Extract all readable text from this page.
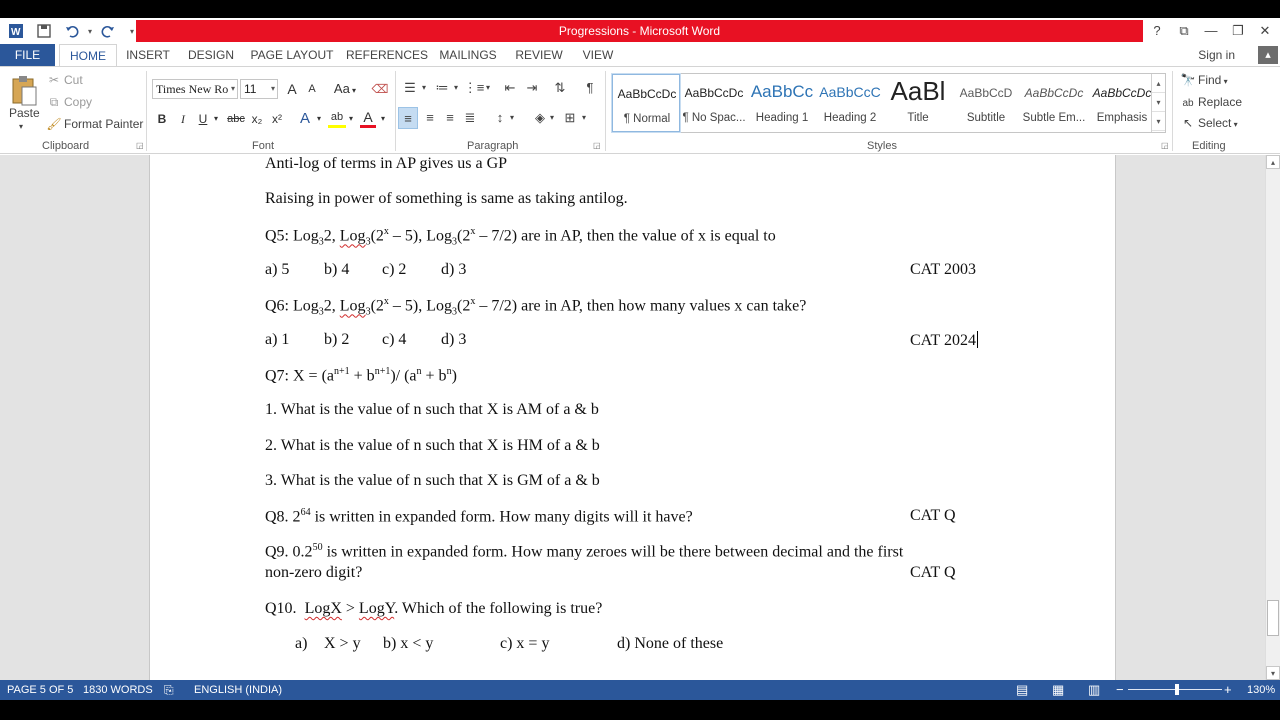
W	▾	▾	Progressions - Microsoft Word	?	⧉	—	❐	✕
FILE	HOME	INSERT	DESIGN	PAGE LAYOUT REFERENCES MAILINGS REVIEW	VIEW	Sign in	▴
Paste
▾
✂ Cut
⧉ Copy
🖌 Format Painter
Clipboard	◲
Times New Ro ▾ 11 ▾ A	A	Aa ▾	⌫
B	I	U ▾ abc x₂ x² A ▾ ab ▾ A	▾
Font	◲
☰ ▾ ≔ ▾ ⋮≡ ▾	⇤ ⇥	⇅	¶
≡	≡ ≡ ≣	↕ ▾	◈ ▾ ⊞ ▾
Paragraph
AaBbCcDc
¶ Normal
AaBbCcDc
¶ No Spac...
AaBbCc
Heading 1
AaBbCcC
Heading 2
AaBl
Title
AaBbCcD
Subtitle
AaBbCcDc
Subtle Em...
AaBbCcDc
Emphasis
▴
▾
▾
Styles	◲
🔭 Find ▾
ab Replace
↖ Select ▾
Editing
Anti-log of terms in AP gives us a GP
Raising in power of something is same as taking antilog.
Q5: Log$_3$2, $Log_3(2^x - 5)$, $Log_3(2^x - 7/2)$ are in AP, then the value of x is equal to
a) 5 b) 4 c) 2 d) 3	CAT 2003
Q6: Log$_3$2, $Log_3(2^x - 5)$, $Log_3(2^x - 7/2)$ are in AP, then how many values x can take?
a) 1 b) 2 c) 4 d) 3	CAT 2024
Q7: $X = (a^{n+1} + b^{n+1})/$ $(a^n + b^n)$
1. What is the value of n such that X is AM of a & b
2. What is the value of n such that X is HM of a & b
3. What is the value of n such that X is GM of a & b
Q8. $2^{64}$ is written in expanded form. How many digits will it have?	CAT Q
Q9. $0.2^{50}$ is written in expanded form. How many zeroes will be there between decimal and the first
non-zero digit?	CAT Q
Q10.  LogX > LogY. Which of the following is true?
a) X > y b) x < y	c) x = y	d) None of these
▴
▾
PAGE 5 OF 5 1830 WORDS ⎘ ENGLISH (INDIA)	▤ ▦ ▥ −	+ 130%
